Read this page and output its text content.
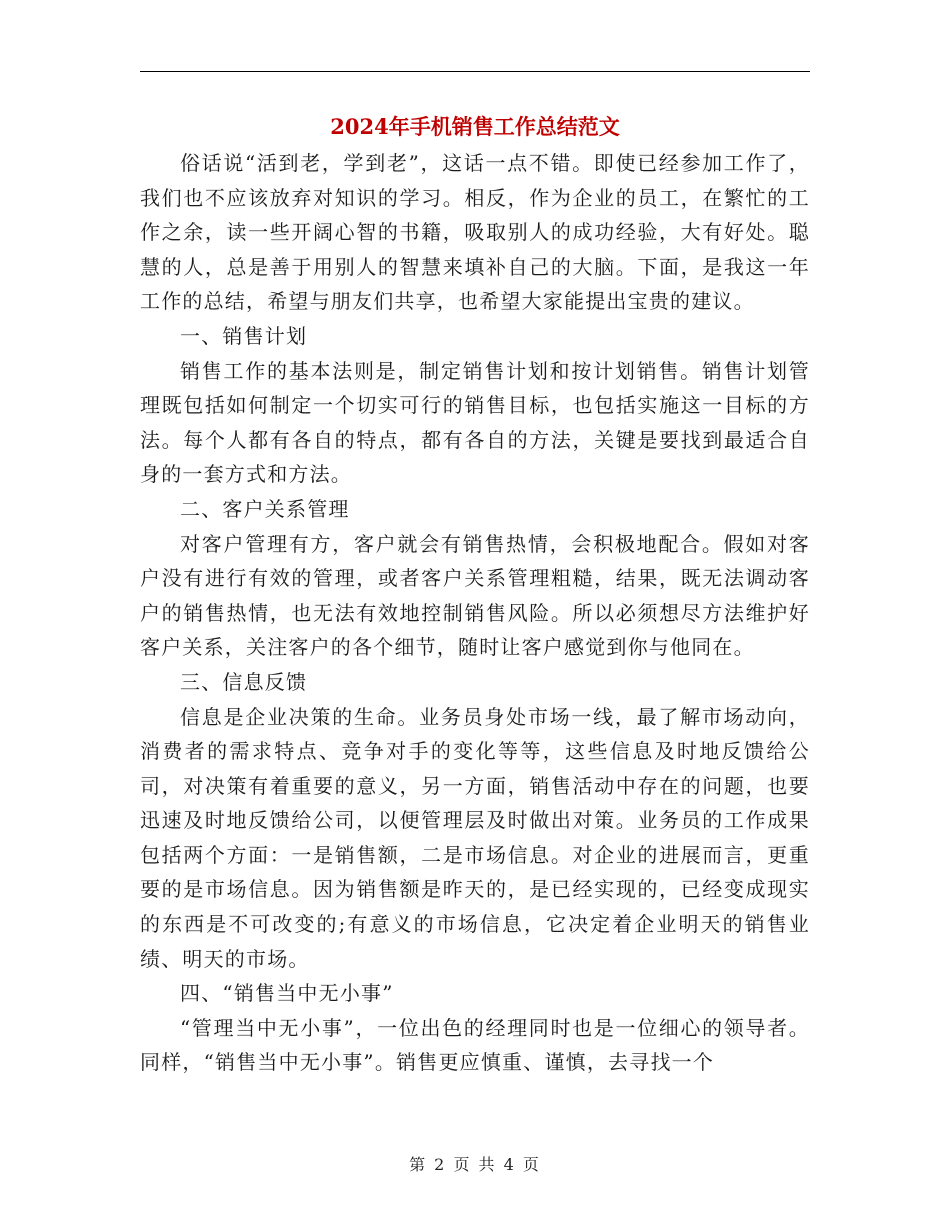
2024年手机销售工作总结范文

俗话说“活到老，学到老”，这话一点不错。即使已经参加工作了，我们也不应该放弃对知识的学习。相反，作为企业的员工，在繁忙的工作之余，读一些开阔心智的书籍，吸取别人的成功经验，大有好处。聪慧的人，总是善于用别人的智慧来填补自己的大脑。下面，是我这一年工作的总结，希望与朋友们共享，也希望大家能提出宝贵的建议。

一、销售计划

销售工作的基本法则是，制定销售计划和按计划销售。销售计划管理既包括如何制定一个切实可行的销售目标，也包括实施这一目标的方法。每个人都有各自的特点，都有各自的方法，关键是要找到最适合自身的一套方式和方法。

二、客户关系管理

对客户管理有方，客户就会有销售热情，会积极地配合。假如对客户没有进行有效的管理，或者客户关系管理粗糙，结果，既无法调动客户的销售热情，也无法有效地控制销售风险。所以必须想尽方法维护好客户关系，关注客户的各个细节，随时让客户感觉到你与他同在。

三、信息反馈

信息是企业决策的生命。业务员身处市场一线，最了解市场动向，消费者的需求特点、竞争对手的变化等等，这些信息及时地反馈给公司，对决策有着重要的意义，另一方面，销售活动中存在的问题，也要迅速及时地反馈给公司，以便管理层及时做出对策。业务员的工作成果包括两个方面：一是销售额，二是市场信息。对企业的进展而言，更重要的是市场信息。因为销售额是昨天的，是已经实现的，已经变成现实的东西是不可改变的;有意义的市场信息，它决定着企业明天的销售业绩、明天的市场。

四、“销售当中无小事”

“管理当中无小事”，一位出色的经理同时也是一位细心的领导者。同样，“销售当中无小事”。销售更应慎重、谨慎，去寻找一个

第 2 页 共 4 页
